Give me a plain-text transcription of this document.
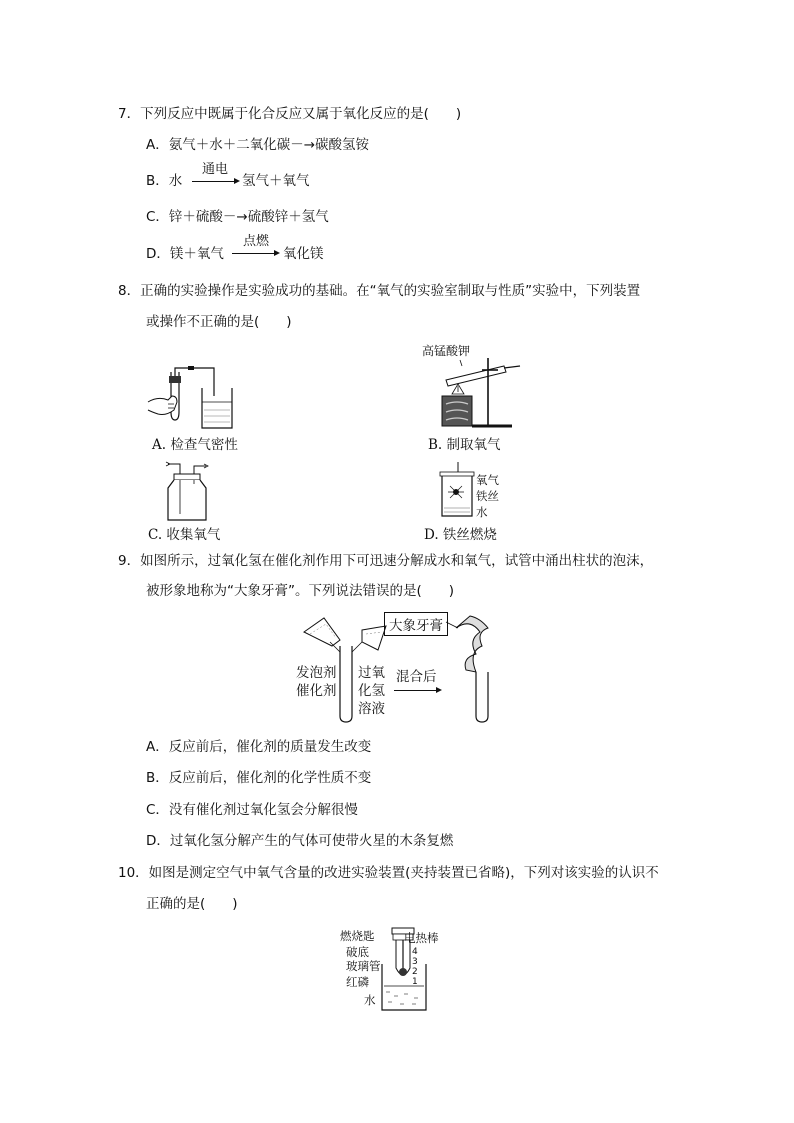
7．下列反应中既属于化合反应又属于氧化反应的是(　　)
A．氨气＋水＋二氧化碳－→碳酸氢铵
B．水
通电
氢气＋氧气
C．锌＋硫酸－→硫酸锌＋氢气
D．镁＋氧气
点燃
氧化镁
8．正确的实验操作是实验成功的基础。在“氧气的实验室制取与性质”实验中，下列装置
或操作不正确的是(　　)
A. 检查气密性
高锰酸钾
B. 制取氧气
C. 收集氧气
氧气
铁丝
水
D. 铁丝燃烧
9．如图所示，过氧化氢在催化剂作用下可迅速分解成水和氧气，试管中涌出柱状的泡沫，
被形象地称为“大象牙膏”。下列说法错误的是(　　)
大象牙膏
发泡剂
催化剂
过氧
化氢
溶液
混合后
A．反应前后，催化剂的质量发生改变
B．反应前后，催化剂的化学性质不变
C．没有催化剂过氧化氢会分解很慢
D．过氧化氢分解产生的气体可使带火星的木条复燃
10．如图是测定空气中氧气含量的改进实验装置(夹持装置已省略)，下列对该实验的认识不
正确的是(　　)
燃烧匙	电热棒
破底
玻璃管
红磷
水
4
3
2
1
